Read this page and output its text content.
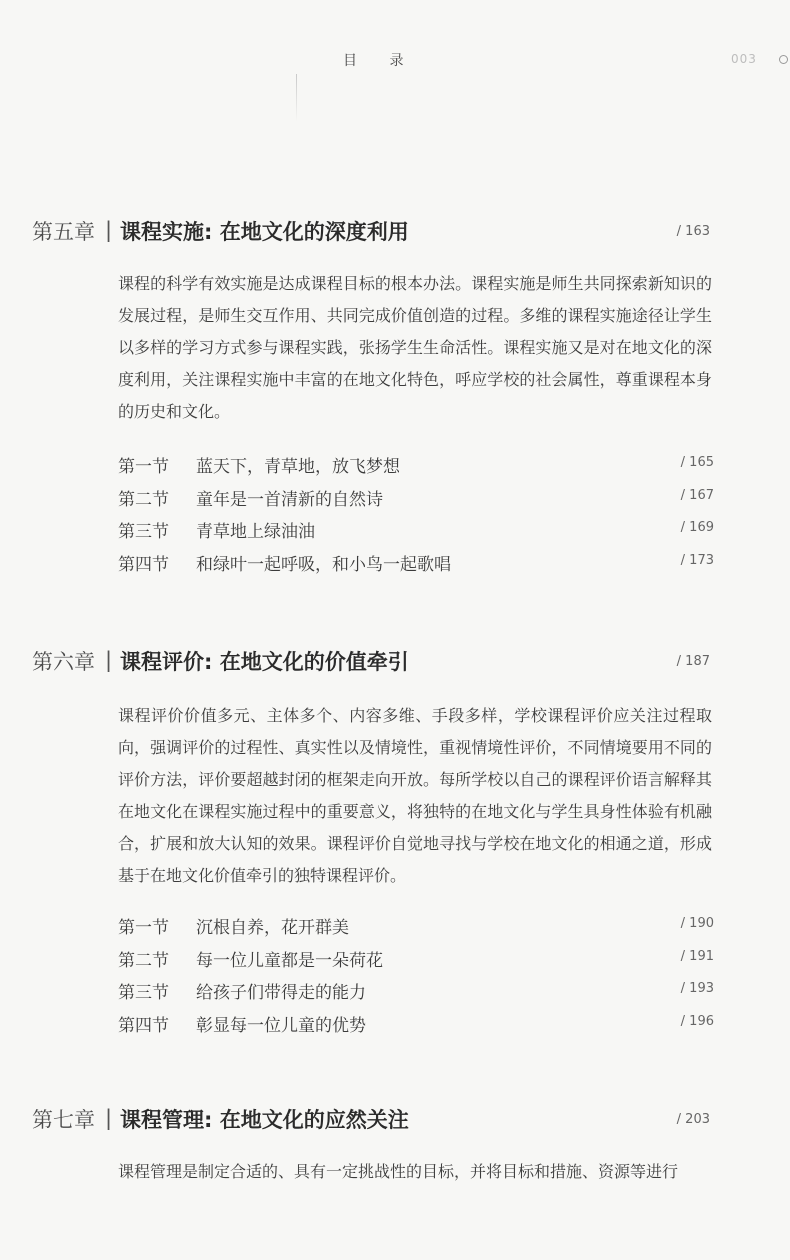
目 录	003
第五章 | 课程实施: 在地文化的深度利用	/ 163

课程的科学有效实施是达成课程目标的根本办法。课程实施是师生共同探索新知识的发展过程，是师生交互作用、共同完成价值创造的过程。多维的课程实施途径让学生以多样的学习方式参与课程实践，张扬学生生命活性。课程实施又是对在地文化的深度利用，关注课程实施中丰富的在地文化特色，呼应学校的社会属性，尊重课程本身的历史和文化。

第一节 蓝天下，青草地，放飞梦想	/ 165
第二节 童年是一首清新的自然诗	/ 167
第三节 青草地上绿油油	/ 169
第四节 和绿叶一起呼吸，和小鸟一起歌唱	/ 173
第六章 | 课程评价: 在地文化的价值牵引	/ 187

课程评价价值多元、主体多个、内容多维、手段多样，学校课程评价应关注过程取向，强调评价的过程性、真实性以及情境性，重视情境性评价，不同情境要用不同的评价方法，评价要超越封闭的框架走向开放。每所学校以自己的课程评价语言解释其在地文化在课程实施过程中的重要意义，将独特的在地文化与学生具身性体验有机融合，扩展和放大认知的效果。课程评价自觉地寻找与学校在地文化的相通之道，形成基于在地文化价值牵引的独特课程评价。

第一节 沉根自养，花开群美	/ 190
第二节 每一位儿童都是一朵荷花	/ 191
第三节 给孩子们带得走的能力	/ 193
第四节 彰显每一位儿童的优势	/ 196
第七章 | 课程管理: 在地文化的应然关注	/ 203

课程管理是制定合适的、具有一定挑战性的目标，并将目标和措施、资源等进行
